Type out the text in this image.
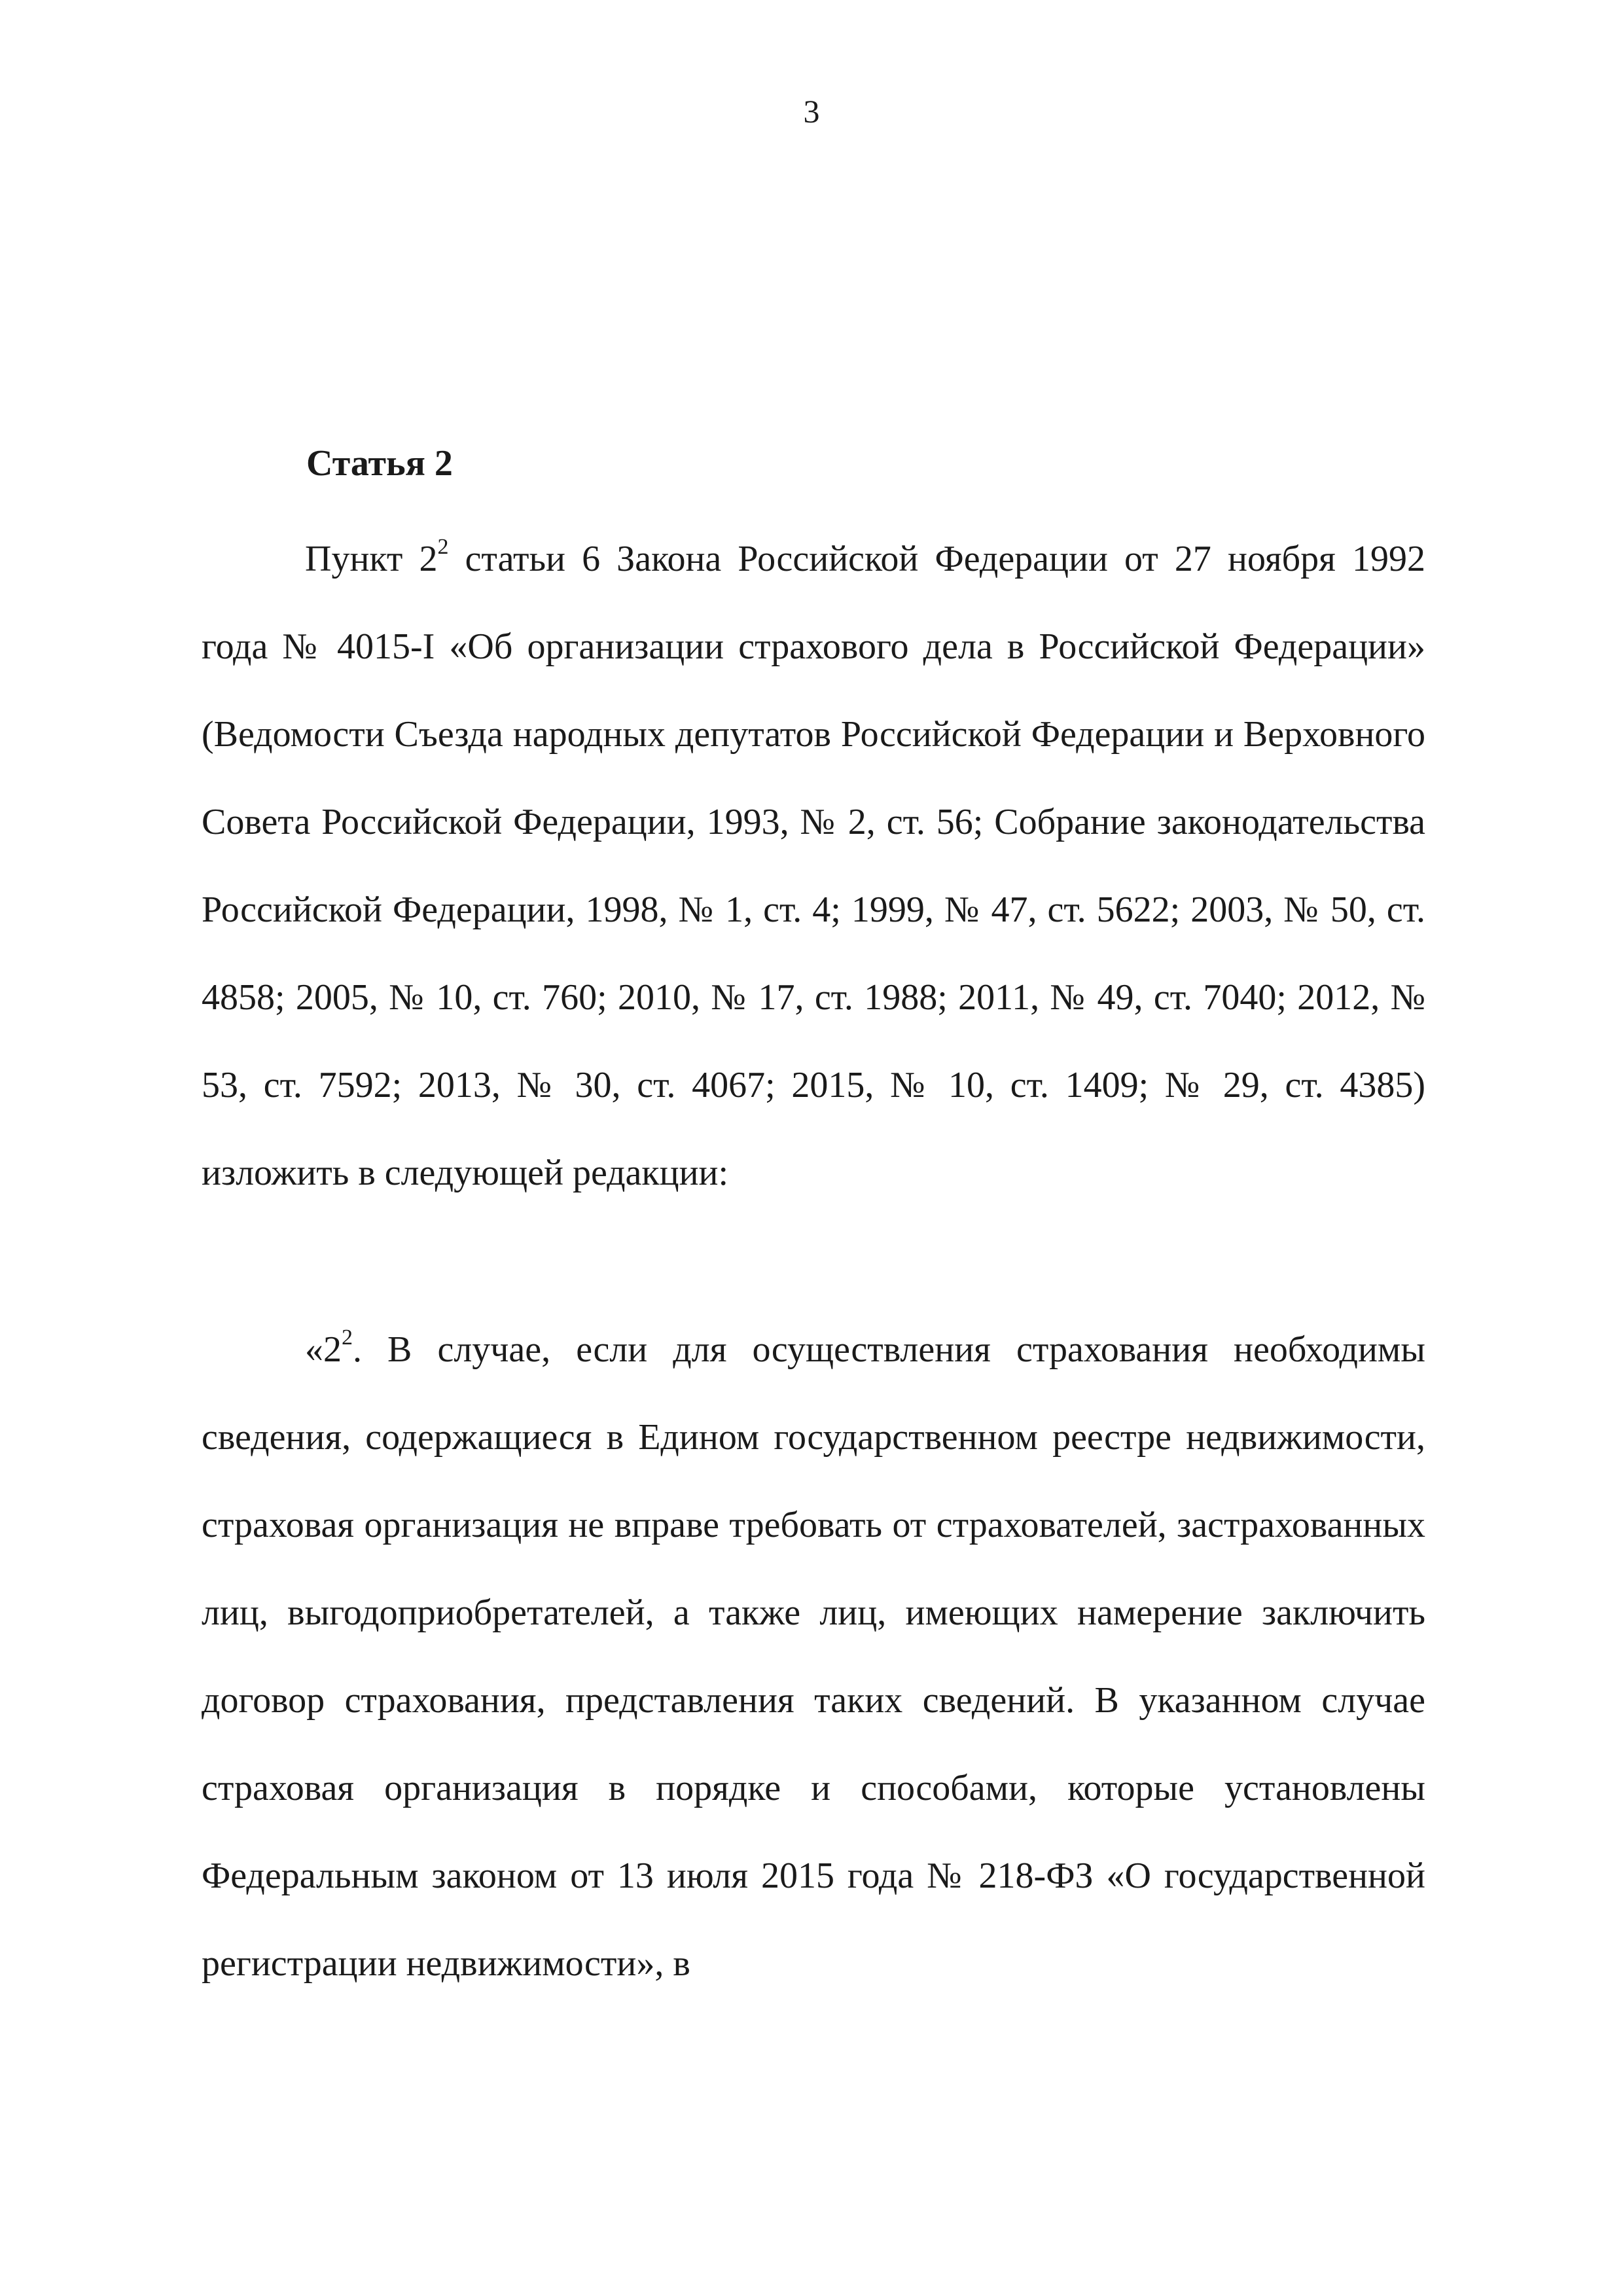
3
Статья 2

Пункт $2^2$ статьи 6 Закона Российской Федерации от 27 ноября 1992 года № 4015-I «Об организации страхового дела в Российской Федерации» (Ведомости Съезда народных депутатов Российской Федерации и Верховного Совета Российской Федерации, 1993, № 2, ст. 56; Собрание законодательства Российской Федерации, 1998, № 1, ст. 4; 1999, № 47, ст. 5622; 2003, № 50, ст. 4858; 2005, № 10, ст. 760; 2010, № 17, ст. 1988; 2011, № 49, ст. 7040; 2012, № 53, ст. 7592; 2013, № 30, ст. 4067; 2015, № 10, ст. 1409; № 29, ст. 4385) изложить в следующей редакции:

«$2^2$. В случае, если для осуществления страхования необходимы сведения, содержащиеся в Едином государственном реестре недвижимости, страховая организация не вправе требовать от страхователей, застрахованных лиц, выгодоприобретателей, а также лиц, имеющих намерение заключить договор страхования, представления таких сведений. В указанном случае страховая организация в порядке и способами, которые установлены Федеральным законом от 13 июля 2015 года № 218-ФЗ «О государственной регистрации недвижимости», в
